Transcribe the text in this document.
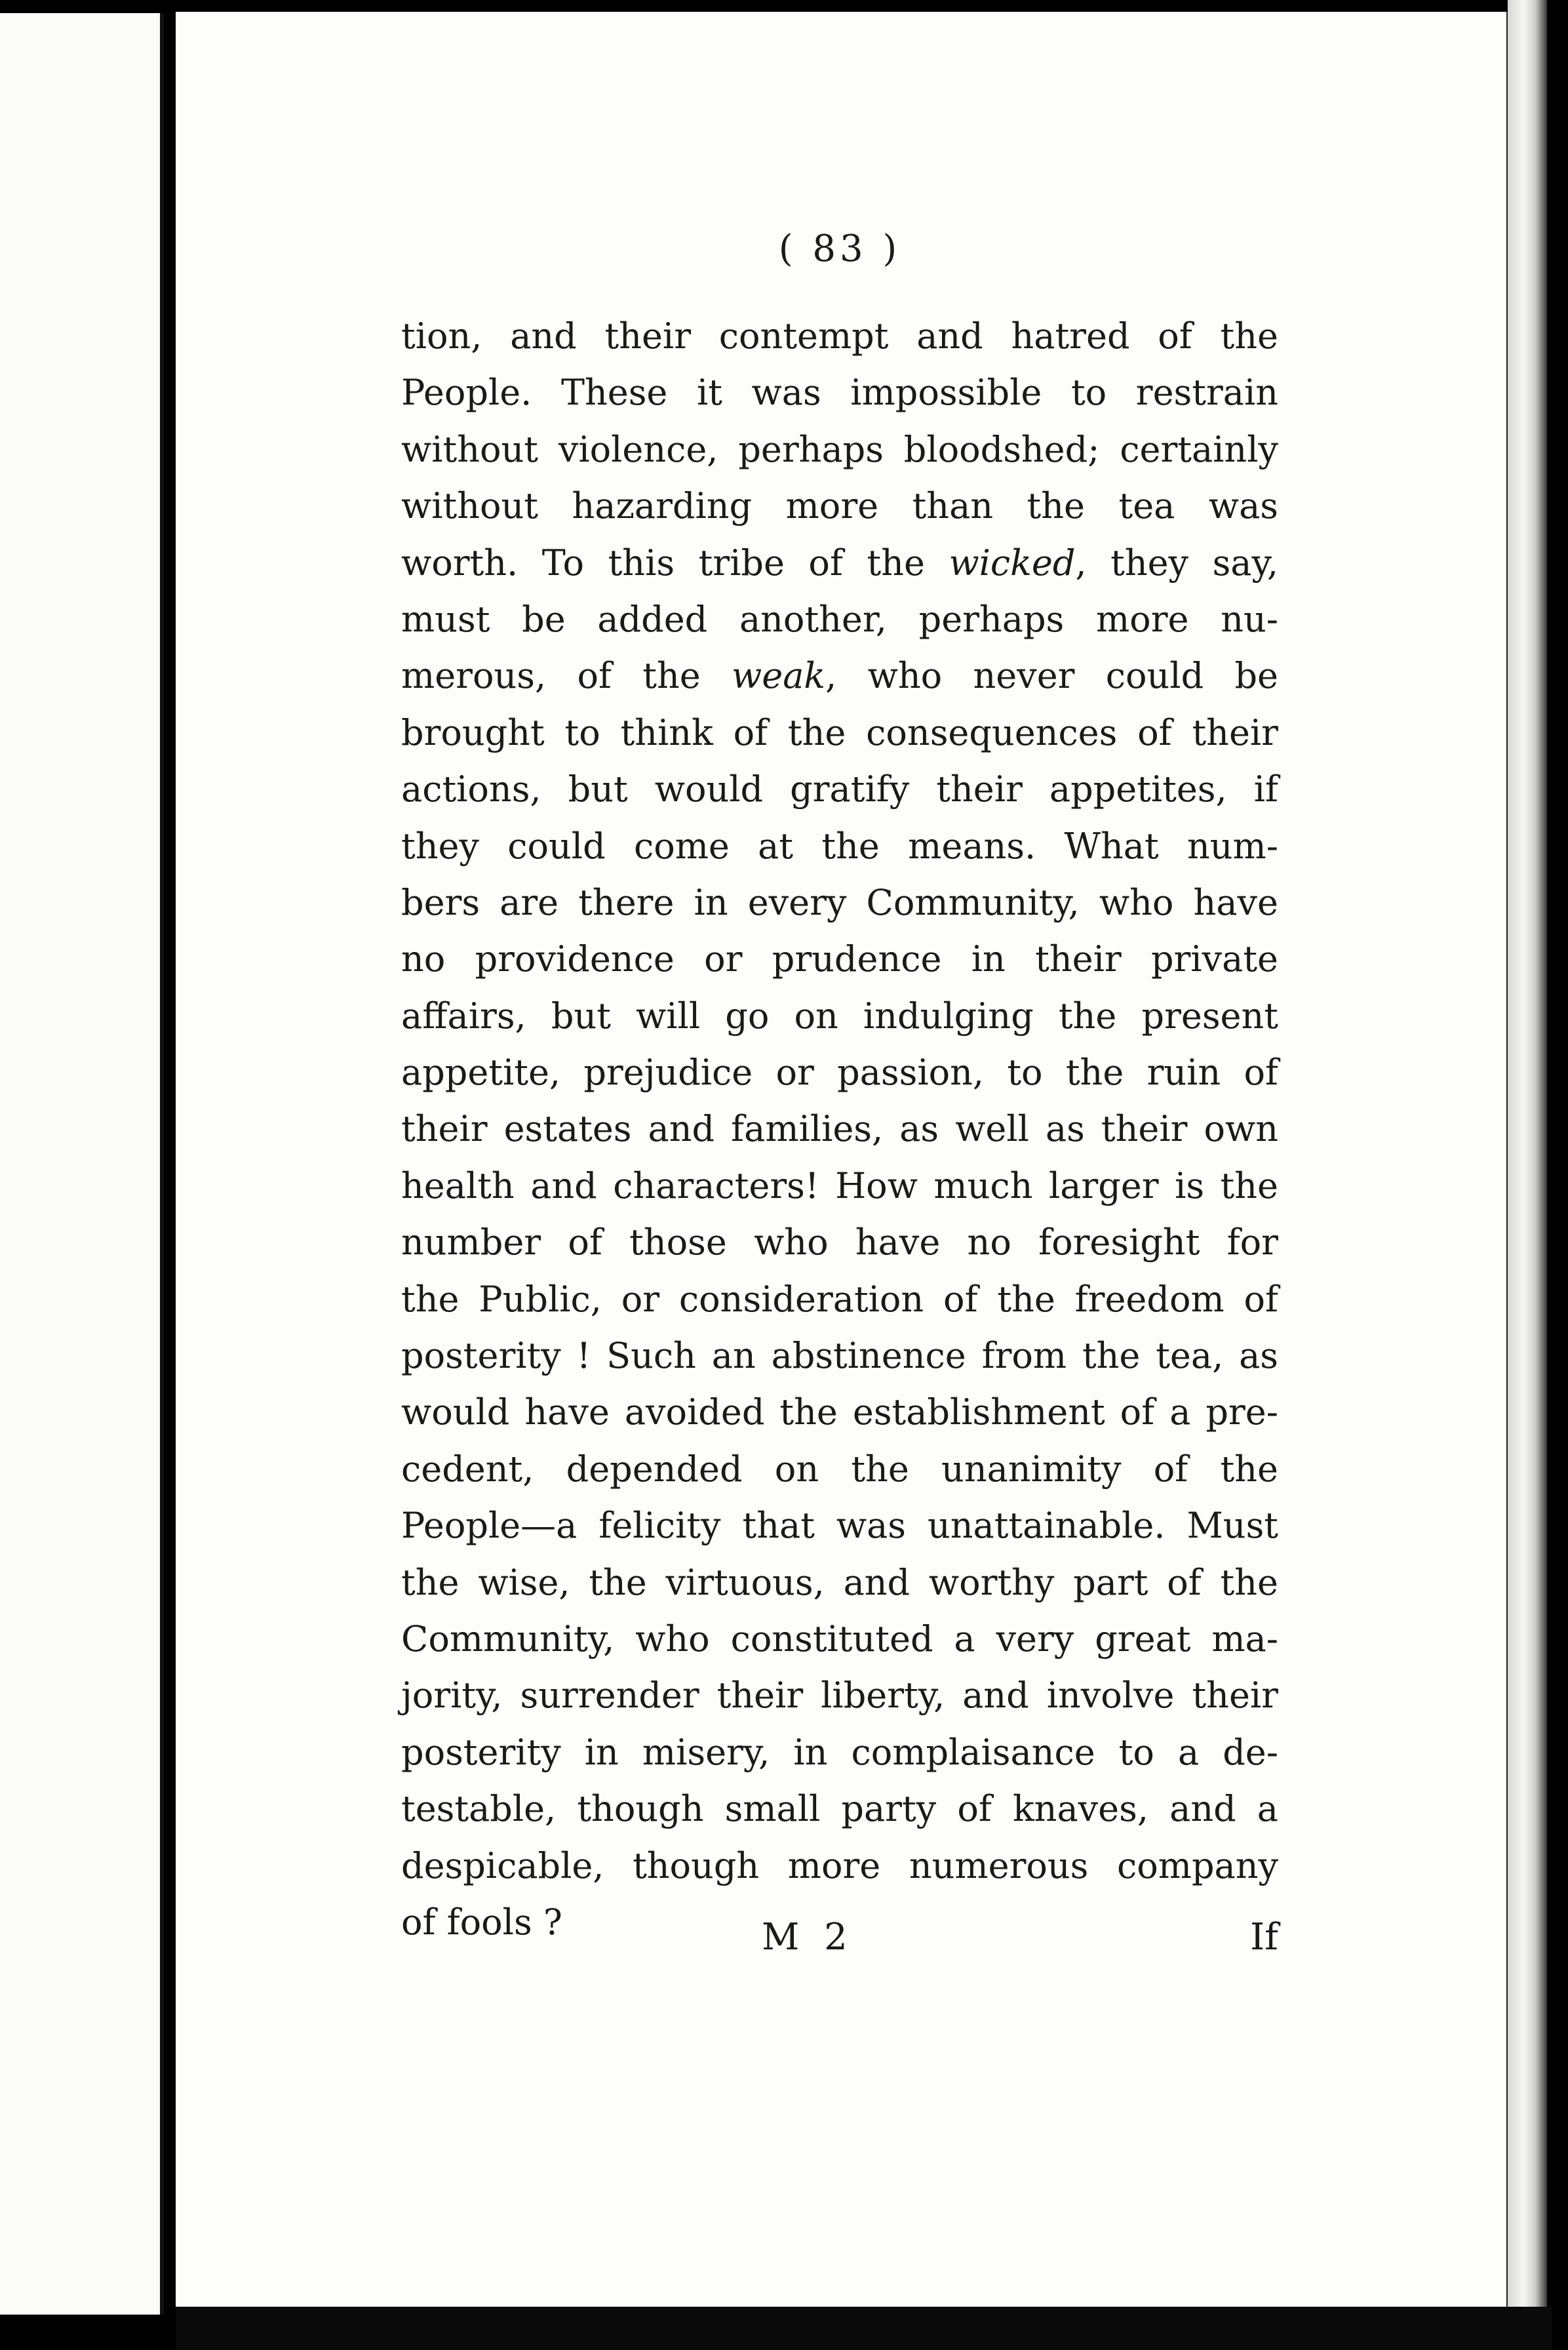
( 83 )
tion, and their contempt and hatred of the
People. These it was impossible to restrain
without violence, perhaps bloodshed; certainly
without hazarding more than the tea was
worth. To this tribe of the wicked, they say,
must be added another, perhaps more nu-
merous, of the weak, who never could be
brought to think of the consequences of their
actions, but would gratify their appetites, if
they could come at the means. What num-
bers are there in every Community, who have
no providence or prudence in their private
affairs, but will go on indulging the present
appetite, prejudice or passion, to the ruin of
their estates and families, as well as their own
health and characters! How much larger is the
number of those who have no foresight for
the Public, or consideration of the freedom of
posterity ! Such an abstinence from the tea, as
would have avoided the establishment of a pre-
cedent, depended on the unanimity of the
People—a felicity that was unattainable. Must
the wise, the virtuous, and worthy part of the
Community, who constituted a very great ma-
jority, surrender their liberty, and involve their
posterity in misery, in complaisance to a de-
testable, though small party of knaves, and a
despicable, though more numerous company
of fools ?	M 2	If
